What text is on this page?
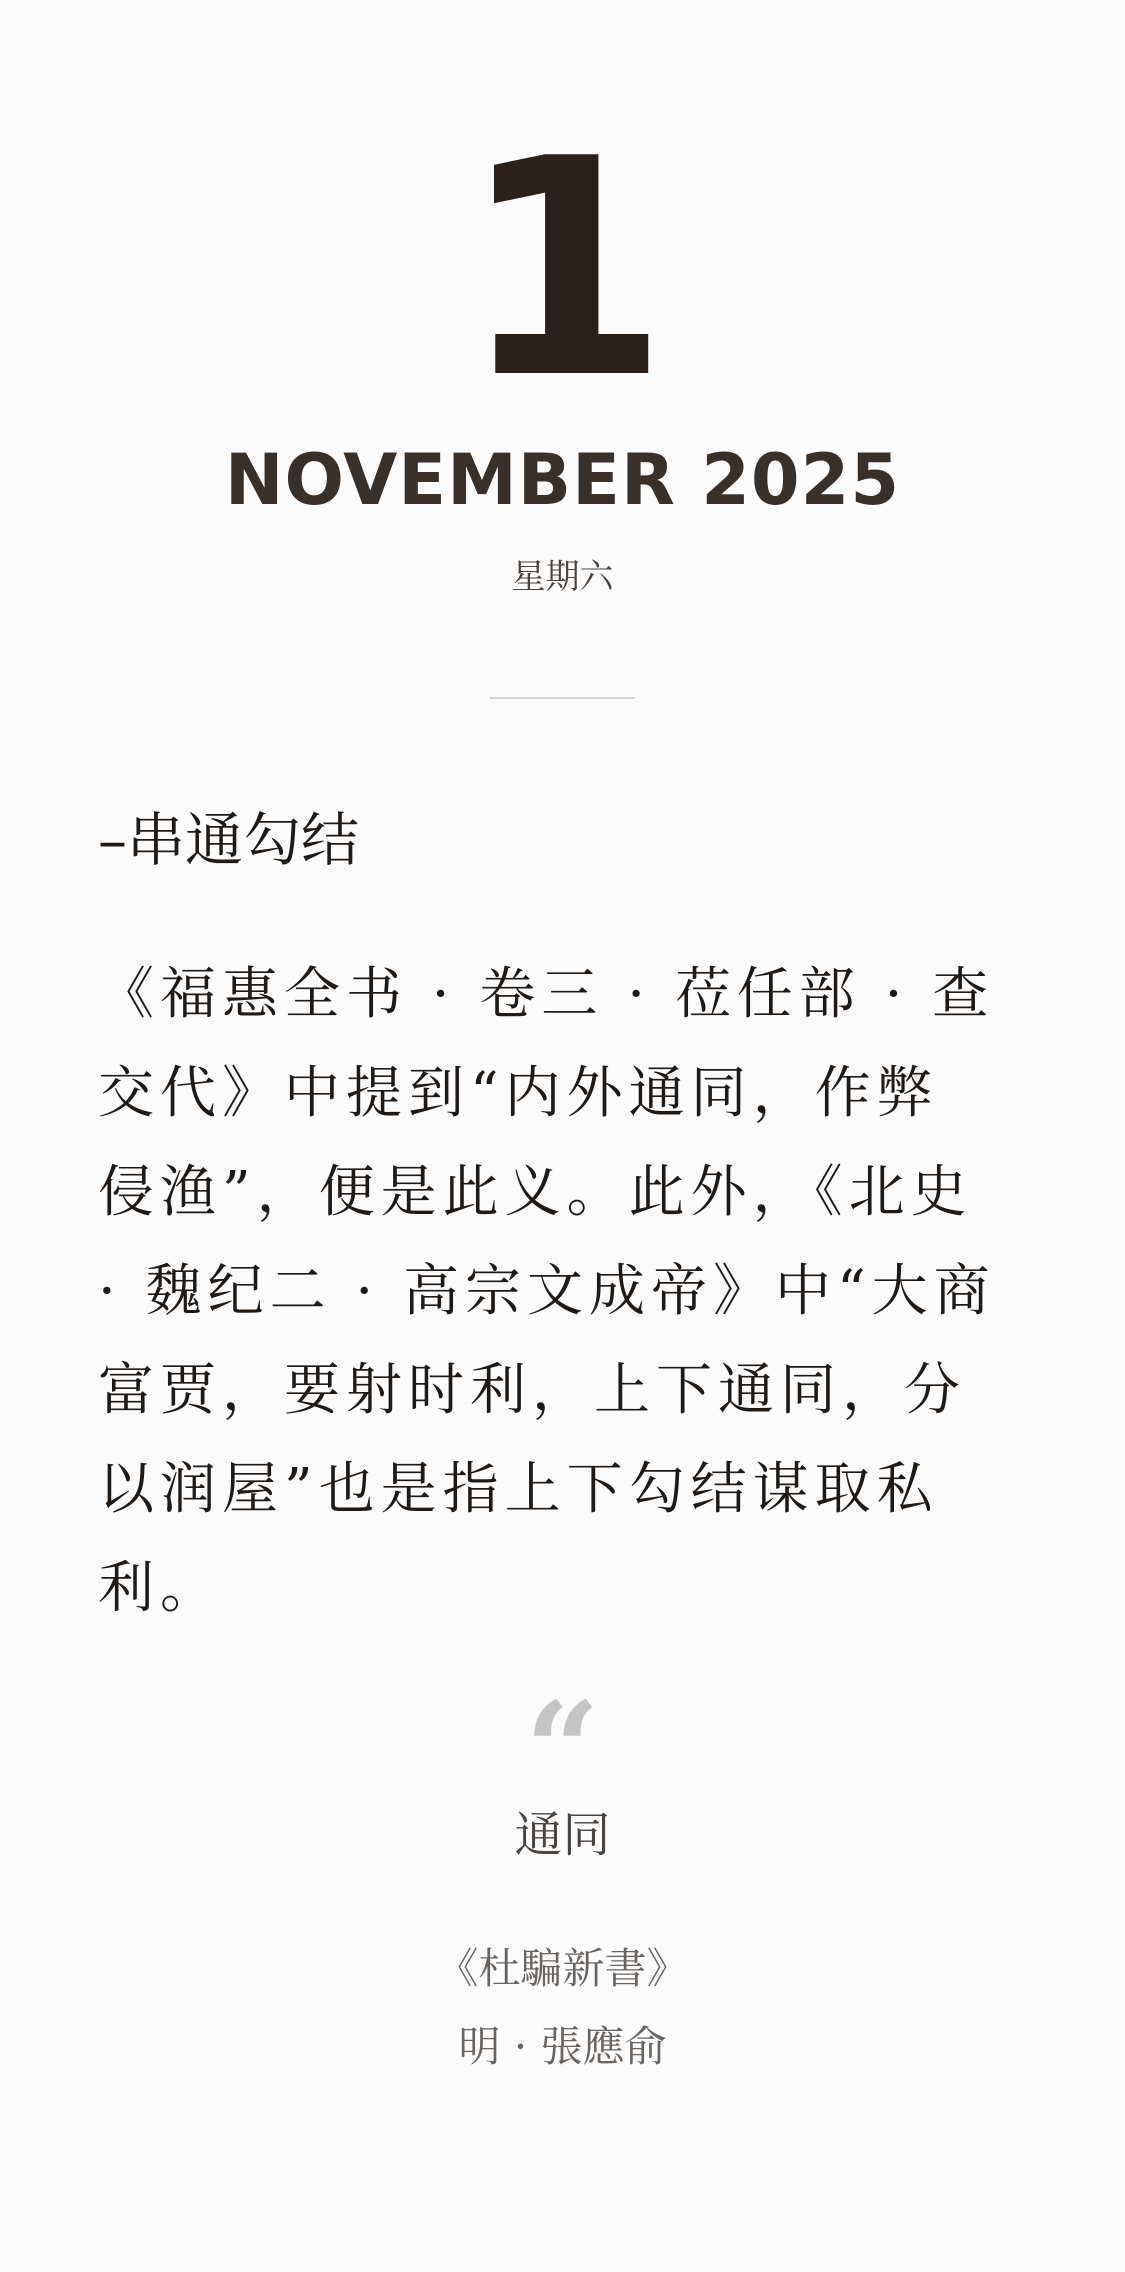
1
NOVEMBER 2025
星期六
–串通勾结
《福惠全书 · 卷三 · 莅任部 · 查交代》中提到“内外通同，作弊侵渔”，便是此义。此外，《北史 · 魏纪二 · 高宗文成帝》中“大商富贾，要射时利，上下通同，分以润屋”也是指上下勾结谋取私利。
“
通同
《杜騙新書》
明 · 張應俞
